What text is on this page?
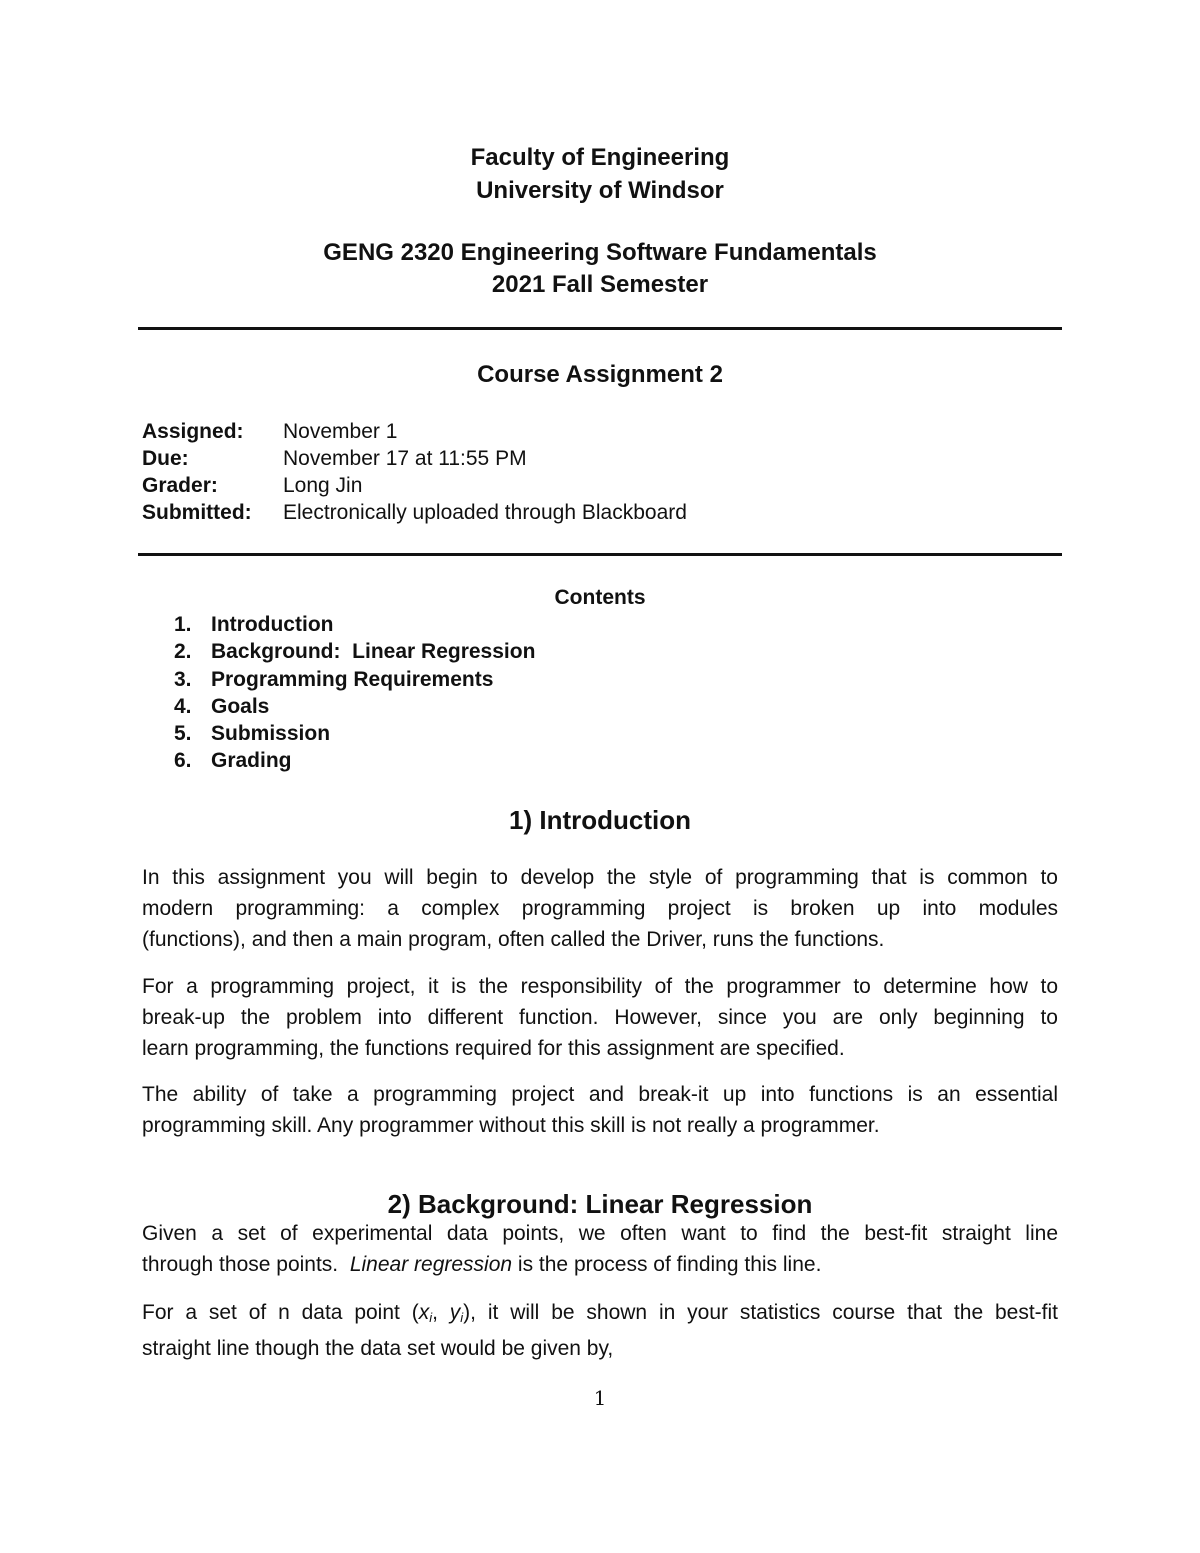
Faculty of Engineering
University of Windsor
GENG 2320 Engineering Software Fundamentals
2021 Fall Semester
Course Assignment 2
Assigned:	November 1
Due:	November 17 at 11:55 PM
Grader:	Long Jin
Submitted:	Electronically uploaded through Blackboard
Contents
1. Introduction
2. Background:  Linear Regression
3. Programming Requirements
4. Goals
5. Submission
6. Grading
1) Introduction
In this assignment you will begin to develop the style of programming that is common to
modern programming: a complex programming project is broken up into modules
(functions), and then a main program, often called the Driver, runs the functions.
For a programming project, it is the responsibility of the programmer to determine how to
break-up the problem into different function. However, since you are only beginning to
learn programming, the functions required for this assignment are specified.
The ability of take a programming project and break-it up into functions is an essential
programming skill. Any programmer without this skill is not really a programmer.
2) Background: Linear Regression
Given a set of experimental data points, we often want to find the best-fit straight line
through those points.  Linear regression is the process of finding this line.
For a set of n data point ($x_i$, $y_i$), it will be shown in your statistics course that the best-fit
straight line though the data set would be given by,
1
